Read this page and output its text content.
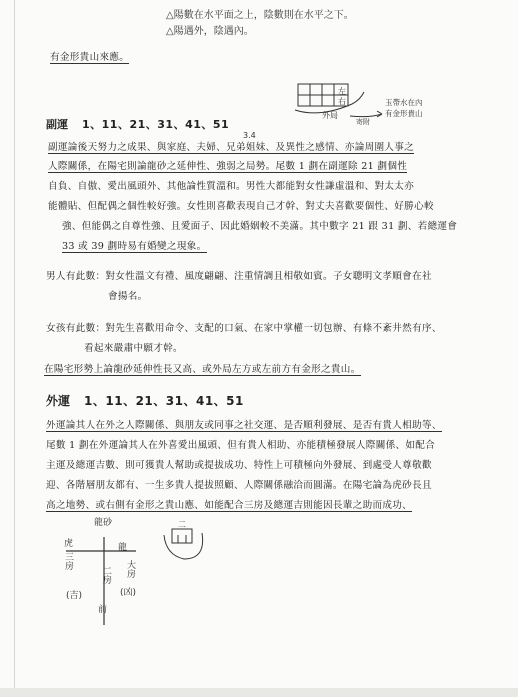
△陽數在水平面之上，陰數則在水平之下。
△陽遇外，陰遇內。
有金形貴山來應。
左
右
外局
玉帶水在內
有金形貴山
寄附
副運 1、11、21、31、41、51
3.4
副運論後天努力之成果、與家庭、夫婦、兄弟姐妹、及異性之感情、亦論周圍人事之
人際關係，在陽宅則論龍砂之延伸性、強弱之局勢。尾數 1 劃在副運除 21 劃個性
自負、自傲、愛出風頭外、其他論性質溫和。男性大都能對女性謙虛溫和、對太太亦
能體貼、但配偶之個性較好強。女性則喜歡表現自己才幹、對丈夫喜歡要個性、好勝心較
強、但能偶之自尊性強、且愛面子、因此婚姻較不美滿。其中數字 21 跟 31 劃、若總運會
33 或 39 劃時易有婚變之現象。
男人有此數：對女性溫文有禮、風度翩翩、注重情調且相敬如賓。子女聰明文孝順會在社
會揚名。
女孩有此數：對先生喜歡用命令、支配的口氣、在家中掌權一切包辦、有條不紊井然有序、
看起來嚴肅中願才幹。
在陽宅形勢上論龍砂延伸性長又高、或外局左方或左前方有金形之貴山。
外運 1、11、21、31、41、51
外運論其人在外之人際關係、與朋友或同事之社交運、是否順利發展、是否有貴人相助等、
尾數 1 劃在外運論其人在外喜愛出風頭、但有貴人相助、亦能積極發展人際關係、如配合
主運及總運吉數、則可獲貴人幫助或提拔成功、特性上可積極向外發展、到處受人尊敬歡
迎、各階層朋友都有、一生多貴人提拔照顧、人際關係融洽而圓滿。在陽宅論為虎砂長且
高之地勢、或右側有金形之貴山應、如能配合三房及總運吉則能因長輩之助而成功、
龍砂	二
虎
三房
(吉)
龍
大房
(凶)
二房
前
